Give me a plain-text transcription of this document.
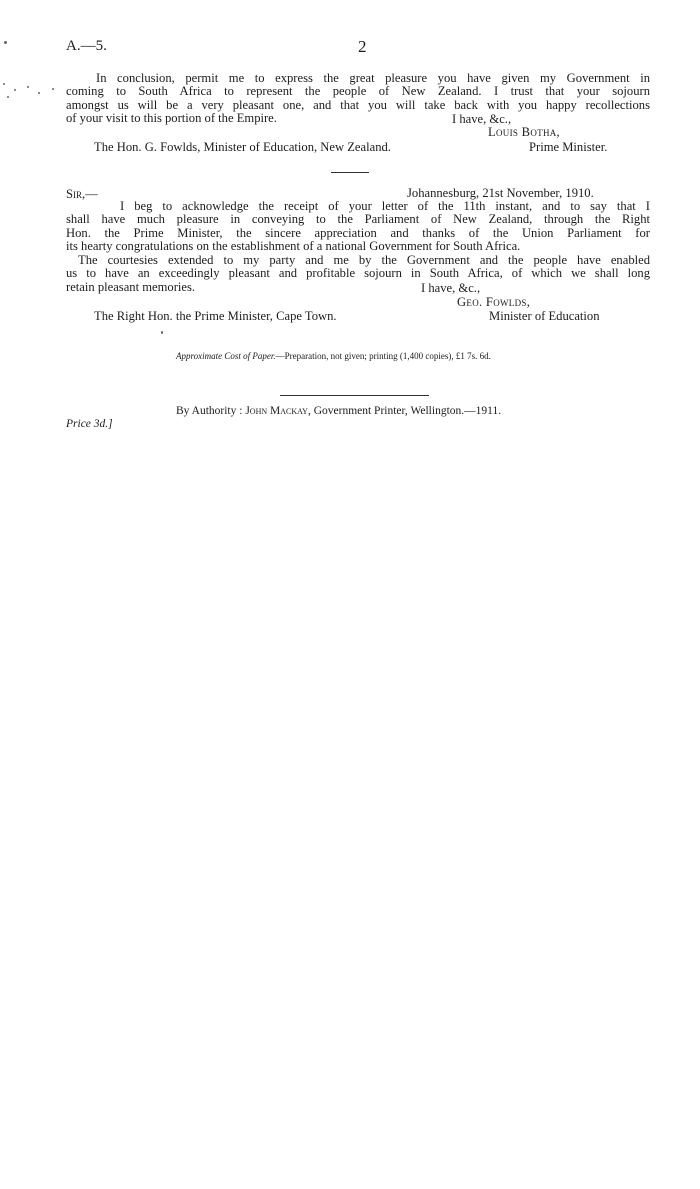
A.—5.	2
In conclusion, permit me to express the great pleasure you have given my Government in
coming to South Africa to represent the people of New Zealand. I trust that your sojourn
amongst us will be a very pleasant one, and that you will take back with you happy recollections
of your visit to this portion of the Empire.	I have, &c.,
Louis Botha,
The Hon. G. Fowlds, Minister of Education, New Zealand.	Prime Minister.
Sir,—	Johannesburg, 21st November, 1910.
I beg to acknowledge the receipt of your letter of the 11th instant, and to say that I
shall have much pleasure in conveying to the Parliament of New Zealand, through the Right
Hon. the Prime Minister, the sincere appreciation and thanks of the Union Parliament for
its hearty congratulations on the establishment of a national Government for South Africa.
The courtesies extended to my party and me by the Government and the people have enabled
us to have an exceedingly pleasant and profitable sojourn in South Africa, of which we shall long
retain pleasant memories.	I have, &c.,
Geo. Fowlds,
The Right Hon. the Prime Minister, Cape Town.	Minister of Education
Approximate Cost of Paper.—Preparation, not given; printing (1,400 copies), £1 7s. 6d.
By Authority : John Mackay, Government Printer, Wellington.—1911.
Price 3d.]
